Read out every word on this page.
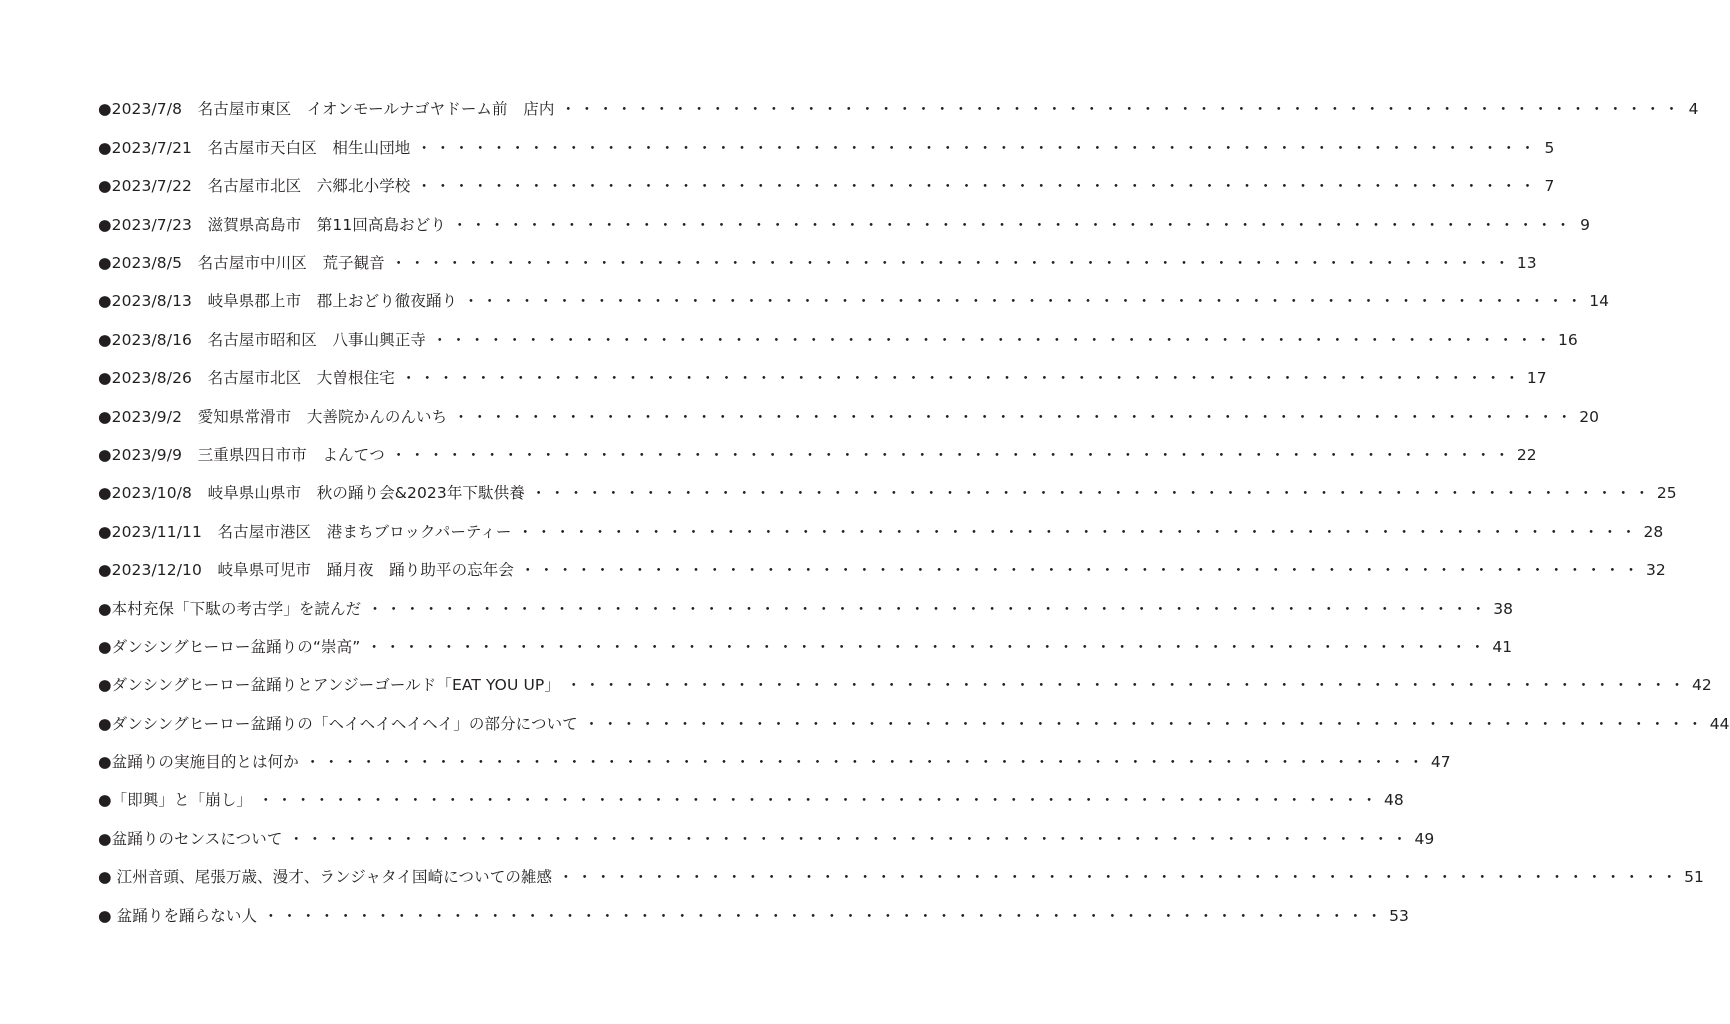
●2023/7/8　名古屋市東区　イオンモールナゴヤドーム前　店内 ・・・・・・・・・・・・・・・・・・・・・・・・・・・・・・・・・・・・・・・・・・・・・・・・・・・・・・・・・・・・ 4
●2023/7/21　名古屋市天白区　相生山団地 ・・・・・・・・・・・・・・・・・・・・・・・・・・・・・・・・・・・・・・・・・・・・・・・・・・・・・・・・・・・・ 5
●2023/7/22　名古屋市北区　六郷北小学校 ・・・・・・・・・・・・・・・・・・・・・・・・・・・・・・・・・・・・・・・・・・・・・・・・・・・・・・・・・・・・ 7
●2023/7/23　滋賀県高島市　第11回高島おどり ・・・・・・・・・・・・・・・・・・・・・・・・・・・・・・・・・・・・・・・・・・・・・・・・・・・・・・・・・・・・ 9
●2023/8/5　名古屋市中川区　荒子観音 ・・・・・・・・・・・・・・・・・・・・・・・・・・・・・・・・・・・・・・・・・・・・・・・・・・・・・・・・・・・・ 13
●2023/8/13　岐阜県郡上市　郡上おどり徹夜踊り ・・・・・・・・・・・・・・・・・・・・・・・・・・・・・・・・・・・・・・・・・・・・・・・・・・・・・・・・・・・・ 14
●2023/8/16　名古屋市昭和区　八事山興正寺 ・・・・・・・・・・・・・・・・・・・・・・・・・・・・・・・・・・・・・・・・・・・・・・・・・・・・・・・・・・・・ 16
●2023/8/26　名古屋市北区　大曽根住宅 ・・・・・・・・・・・・・・・・・・・・・・・・・・・・・・・・・・・・・・・・・・・・・・・・・・・・・・・・・・・・ 17
●2023/9/2　愛知県常滑市　大善院かんのんいち ・・・・・・・・・・・・・・・・・・・・・・・・・・・・・・・・・・・・・・・・・・・・・・・・・・・・・・・・・・・・ 20
●2023/9/9　三重県四日市市　よんてつ ・・・・・・・・・・・・・・・・・・・・・・・・・・・・・・・・・・・・・・・・・・・・・・・・・・・・・・・・・・・・ 22
●2023/10/8　岐阜県山県市　秋の踊り会&2023年下駄供養 ・・・・・・・・・・・・・・・・・・・・・・・・・・・・・・・・・・・・・・・・・・・・・・・・・・・・・・・・・・・・ 25
●2023/11/11　名古屋市港区　港まちブロックパーティー ・・・・・・・・・・・・・・・・・・・・・・・・・・・・・・・・・・・・・・・・・・・・・・・・・・・・・・・・・・・・ 28
●2023/12/10　岐阜県可児市　踊月夜　踊り助平の忘年会 ・・・・・・・・・・・・・・・・・・・・・・・・・・・・・・・・・・・・・・・・・・・・・・・・・・・・・・・・・・・・ 32
●本村充保「下駄の考古学」を読んだ ・・・・・・・・・・・・・・・・・・・・・・・・・・・・・・・・・・・・・・・・・・・・・・・・・・・・・・・・・・・・ 38
●ダンシングヒーロー盆踊りの“崇高” ・・・・・・・・・・・・・・・・・・・・・・・・・・・・・・・・・・・・・・・・・・・・・・・・・・・・・・・・・・・・ 41
●ダンシングヒーロー盆踊りとアンジーゴールド「EAT YOU UP」 ・・・・・・・・・・・・・・・・・・・・・・・・・・・・・・・・・・・・・・・・・・・・・・・・・・・・・・・・・・・・ 42
●ダンシングヒーロー盆踊りの「ヘイヘイヘイヘイ」の部分について ・・・・・・・・・・・・・・・・・・・・・・・・・・・・・・・・・・・・・・・・・・・・・・・・・・・・・・・・・・・・ 44
●盆踊りの実施目的とは何か ・・・・・・・・・・・・・・・・・・・・・・・・・・・・・・・・・・・・・・・・・・・・・・・・・・・・・・・・・・・・ 47
●「即興」と「崩し」 ・・・・・・・・・・・・・・・・・・・・・・・・・・・・・・・・・・・・・・・・・・・・・・・・・・・・・・・・・・・・ 48
●盆踊りのセンスについて ・・・・・・・・・・・・・・・・・・・・・・・・・・・・・・・・・・・・・・・・・・・・・・・・・・・・・・・・・・・・ 49
● 江州音頭、尾張万歳、漫才、ランジャタイ国崎についての雑感 ・・・・・・・・・・・・・・・・・・・・・・・・・・・・・・・・・・・・・・・・・・・・・・・・・・・・・・・・・・・・ 51
● 盆踊りを踊らない人 ・・・・・・・・・・・・・・・・・・・・・・・・・・・・・・・・・・・・・・・・・・・・・・・・・・・・・・・・・・・・ 53
